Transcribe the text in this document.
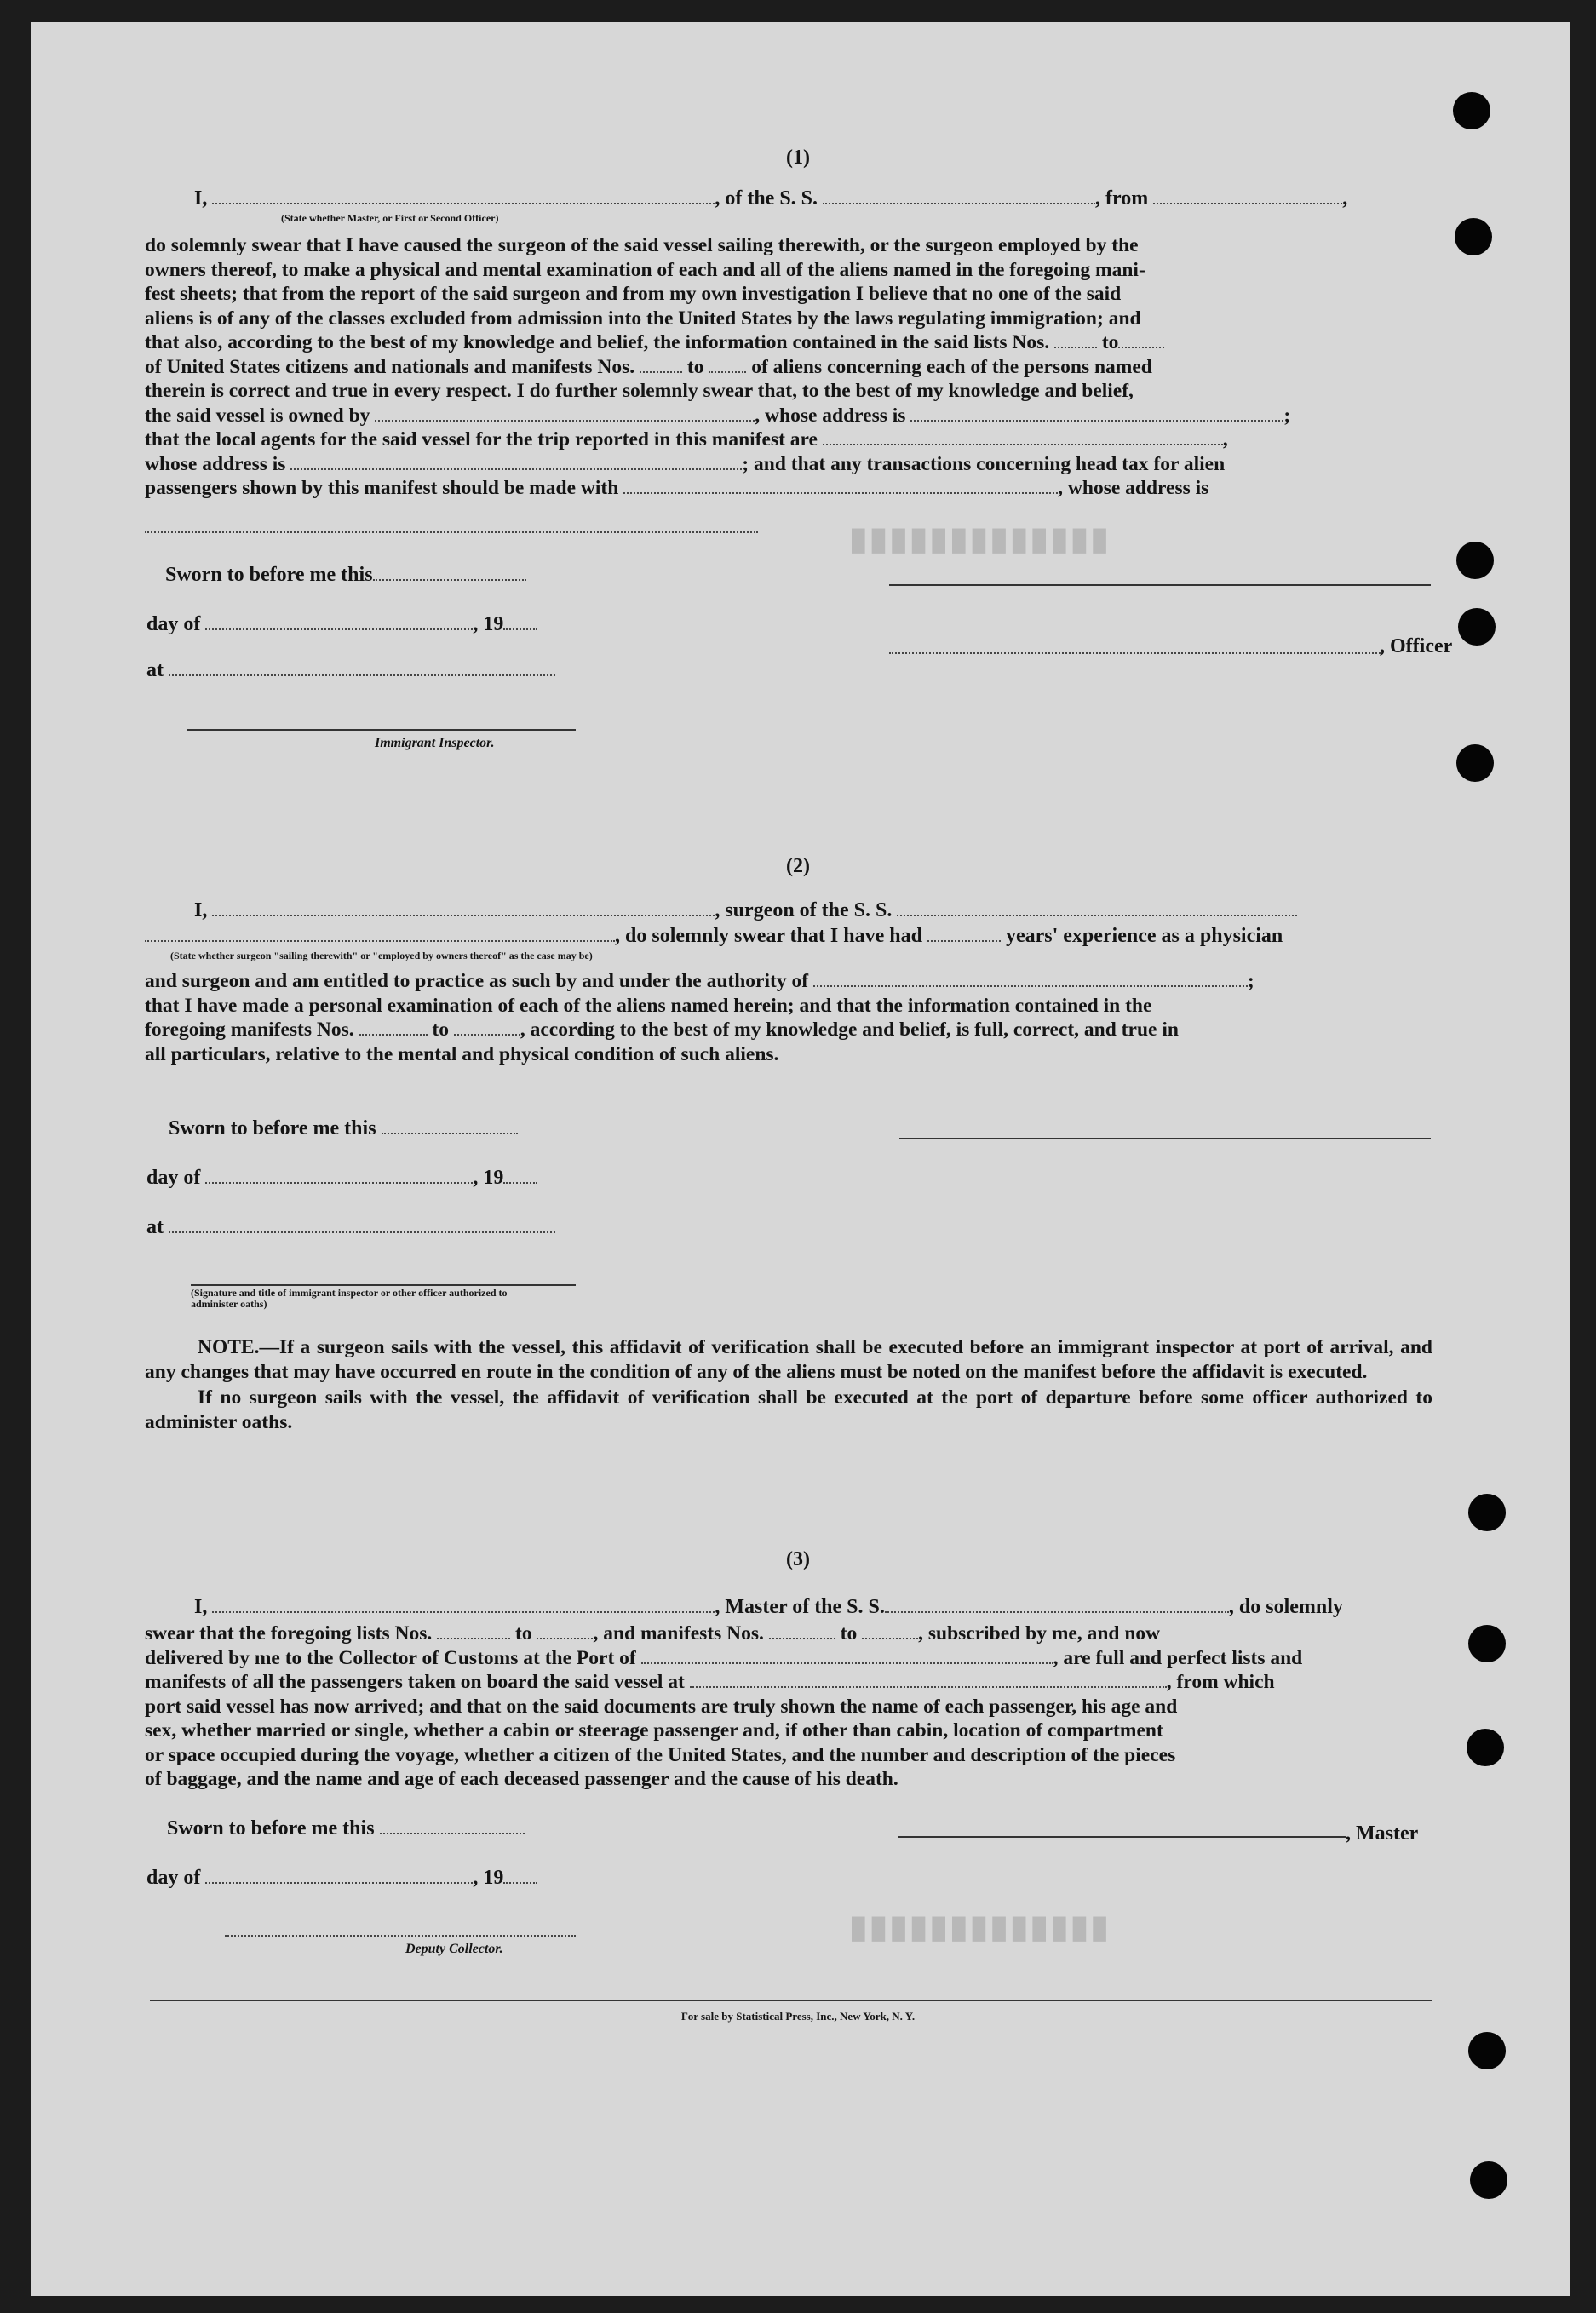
█████████████
█████████████
(1)
I,	, of the S. S.	, from	,
(State whether Master, or First or Second Officer)
do solemnly swear that I have caused the surgeon of the said vessel sailing therewith, or the surgeon employed by the
owners thereof, to make a physical and mental examination of each and all of the aliens named in the foregoing mani-
fest sheets; that from the report of the said surgeon and from my own investigation I believe that no one of the said
aliens is of any of the classes excluded from admission into the United States by the laws regulating immigration; and
that also, according to the best of my knowledge and belief, the information contained in the said lists Nos.	to
of United States citizens and nationals and manifests Nos.	to of aliens concerning each of the persons named
therein is correct and true in every respect. I do further solemnly swear that, to the best of my knowledge and belief,
the said vessel is owned by	, whose address is	;
that the local agents for the said vessel for the trip reported in this manifest are	,
whose address is	; and that any transactions concerning head tax for alien
passengers shown by this manifest should be made with	, whose address is
Sworn to before me this
day of	, 19
at
, Officer
Immigrant Inspector.
(2)
I,	, surgeon of the S. S.
, do solemnly swear that I have had	years' experience as a physician
(State whether surgeon "sailing therewith" or "employed by owners thereof" as the case may be)
and surgeon and am entitled to practice as such by and under the authority of	;
that I have made a personal examination of each of the aliens named herein; and that the information contained in the
foregoing manifests Nos.	to	, according to the best of my knowledge and belief, is full, correct, and true in
all particulars, relative to the mental and physical condition of such aliens.
Sworn to before me this
day of	, 19
at
(Signature and title of immigrant inspector or other officer authorized to administer oaths)
NOTE.—If a surgeon sails with the vessel, this affidavit of verification shall be executed before an immigrant inspector at port of arrival, and any changes that may have occurred en route in the condition of any of the aliens must be noted on the manifest before the affidavit is executed.
If no surgeon sails with the vessel, the affidavit of verification shall be executed at the port of departure before some officer authorized to administer oaths.
(3)
I,	, Master of the S. S.	, do solemnly
swear that the foregoing lists Nos.	to	, and manifests Nos.	to	, subscribed by me, and now
delivered by me to the Collector of Customs at the Port of	, are full and perfect lists and
manifests of all the passengers taken on board the said vessel at	, from which
port said vessel has now arrived; and that on the said documents are truly shown the name of each passenger, his age and
sex, whether married or single, whether a cabin or steerage passenger and, if other than cabin, location of compartment
or space occupied during the voyage, whether a citizen of the United States, and the number and description of the pieces
of baggage, and the name and age of each deceased passenger and the cause of his death.
Sworn to before me this	, Master
day of	, 19
Deputy Collector.
For sale by Statistical Press, Inc., New York, N. Y.
